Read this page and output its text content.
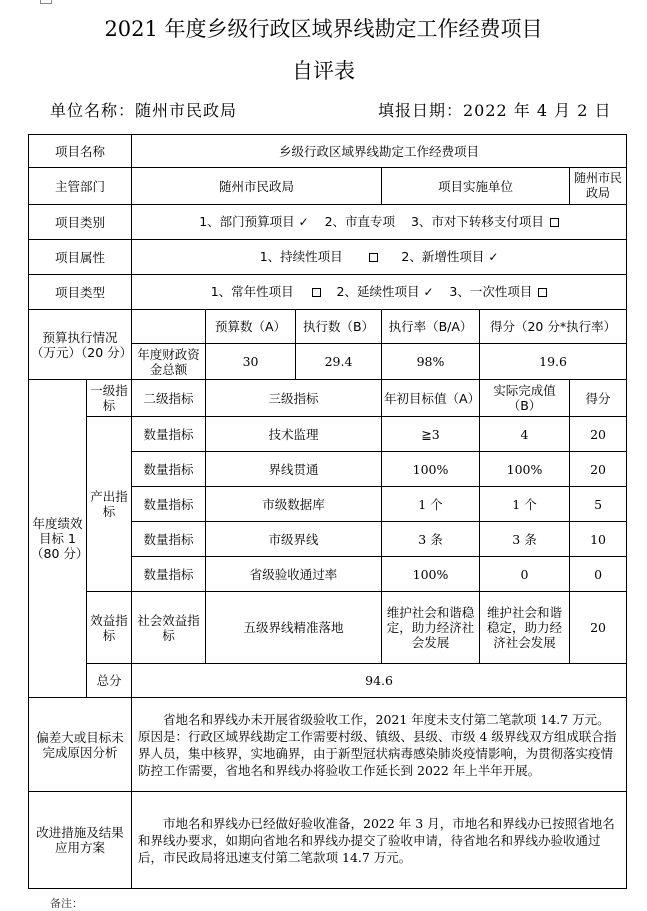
2021 年度乡级行政区域界线勘定工作经费项目
自评表
单位名称：随州市民政局	填报日期：2022 年 4 月 2 日
项目名称		乡级行政区域界线勘定工作经费项目					
主管部门		随州市民政局			项目实施单位		随州市民政局
项目类别		1、部门预算项目 ✓ 2、市直专项 3、市对下转移支付项目					
项目属性		1、持续性项目 2、新增性项目 ✓					
项目类型		1、常年性项目 2、延续性项目 ✓ 3、一次性项目					
预算执行情况（万元）（20 分）			预算数（A）	执行数（B）	执行率（B/A）	得分（20 分*执行率）	
		年度财政资金总额	30	29.4	98%	19.6	
年度绩效目标 1（80 分）	一级指标	二级指标	三级指标		年初目标值（A）	实际完成值（B）	得分
	产出指标	数量指标	技术监理		≧3	4	20
		数量指标	界线贯通		100%	100%	20
		数量指标	市级数据库		1 个	1 个	5
		数量指标	市级界线		3 条	3 条	10
		数量指标	省级验收通过率		100%	0	0
	效益指标	社会效益指标	五级界线精准落地		维护社会和谐稳定，助力经济社会发展	维护社会和谐稳定，助力经济社会发展	20
	总分	94.6					
偏差大或目标未完成原因分析		省地名和界线办未开展省级验收工作，2021 年度未支付第二笔款项 14.7 万元。原因是：行政区域界线勘定工作需要村级、镇级、县级、市级 4 级界线双方组成联合指界人员，集中核界，实地确界，由于新型冠状病毒感染肺炎疫情影响，为贯彻落实疫情防控工作需要，省地名和界线办将验收工作延长到 2022 年上半年开展。					
改进措施及结果应用方案		市地名和界线办已经做好验收准备，2022 年 3 月，市地名和界线办已按照省地名和界线办要求，如期向省地名和界线办提交了验收申请，待省地名和界线办验收通过后，市民政局将迅速支付第二笔款项 14.7 万元。					
备注：
